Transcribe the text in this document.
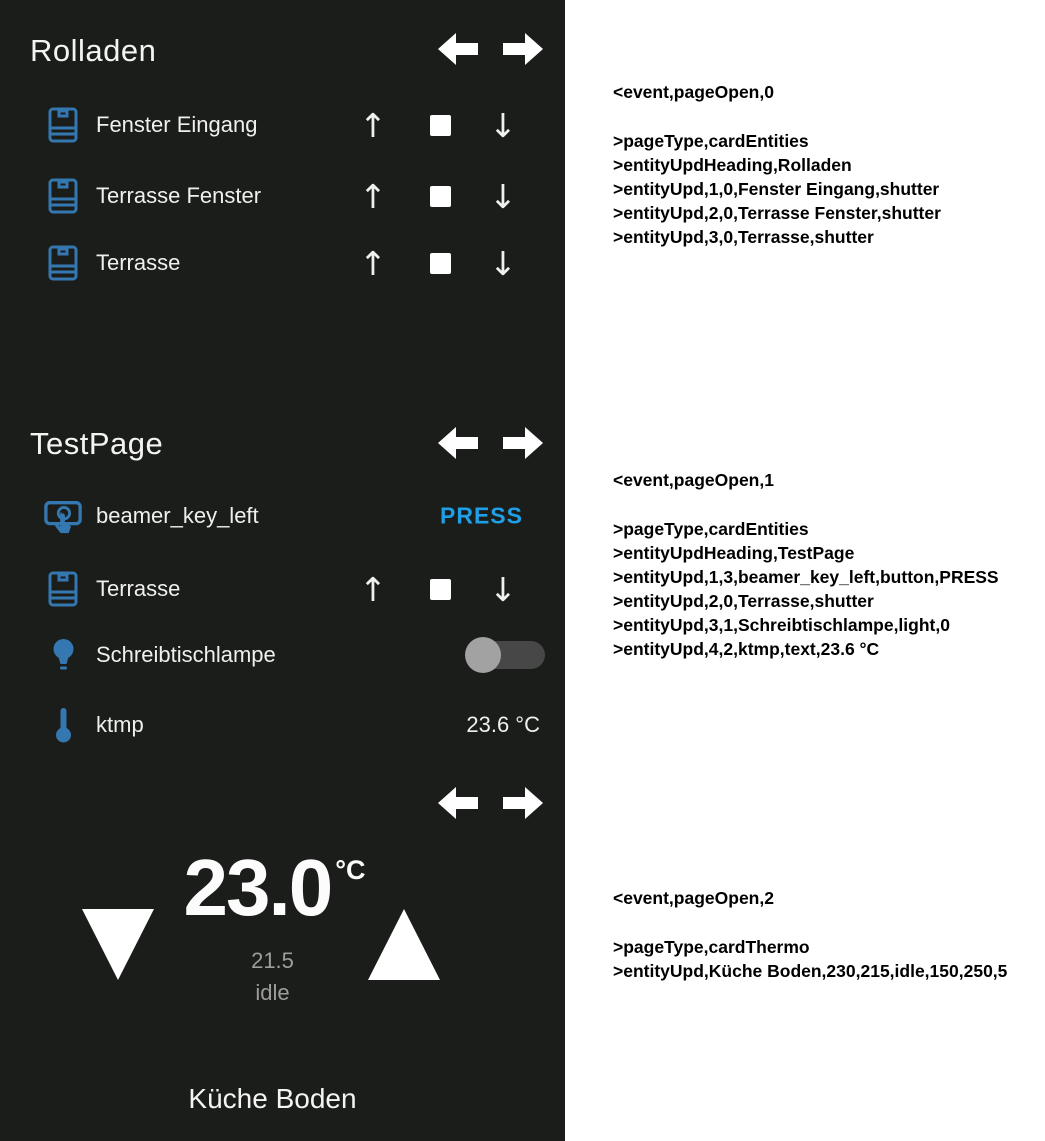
Rolladen
Fenster Eingang	↑	↓
Terrasse Fenster	↑	↓
Terrasse	↑	↓
TestPage
beamer_key_left	PRESS
Terrasse	↑	↓
Schreibtischlampe
ktmp	23.6 °C
23.0 $^{^\circ C}$
21.5
idle
Küche Boden

<event,pageOpen,0

>pageType,cardEntities

>entityUpdHeading,Rolladen

>entityUpd,1,0,Fenster Eingang,shutter

>entityUpd,2,0,Terrasse Fenster,shutter

>entityUpd,3,0,Terrasse,shutter

<event,pageOpen,1

>pageType,cardEntities

>entityUpdHeading,TestPage

>entityUpd,1,3,beamer_key_left,button,PRESS

>entityUpd,2,0,Terrasse,shutter

>entityUpd,3,1,Schreibtischlampe,light,0

>entityUpd,4,2,ktmp,text,23.6 °C

<event,pageOpen,2

>pageType,cardThermo

>entityUpd,Küche Boden,230,215,idle,150,250,5
